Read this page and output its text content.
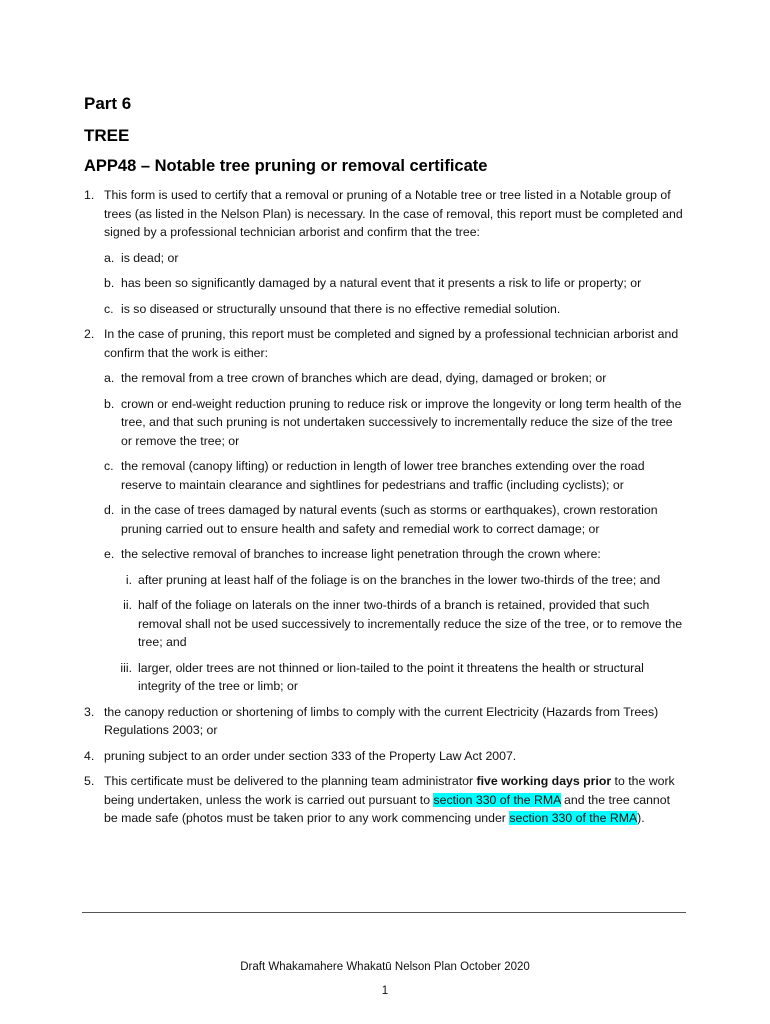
Part 6
TREE
APP48 – Notable tree pruning or removal certificate
1. This form is used to certify that a removal or pruning of a Notable tree or tree listed in a Notable group of trees (as listed in the Nelson Plan) is necessary. In the case of removal, this report must be completed and signed by a professional technician arborist and confirm that the tree:
a. is dead; or
b. has been so significantly damaged by a natural event that it presents a risk to life or property; or
c. is so diseased or structurally unsound that there is no effective remedial solution.
2. In the case of pruning, this report must be completed and signed by a professional technician arborist and confirm that the work is either:
a. the removal from a tree crown of branches which are dead, dying, damaged or broken; or
b. crown or end-weight reduction pruning to reduce risk or improve the longevity or long term health of the tree, and that such pruning is not undertaken successively to incrementally reduce the size of the tree or remove the tree; or
c. the removal (canopy lifting) or reduction in length of lower tree branches extending over the road reserve to maintain clearance and sightlines for pedestrians and traffic (including cyclists); or
d. in the case of trees damaged by natural events (such as storms or earthquakes), crown restoration pruning carried out to ensure health and safety and remedial work to correct damage; or
e. the selective removal of branches to increase light penetration through the crown where:
i. after pruning at least half of the foliage is on the branches in the lower two-thirds of the tree; and
ii. half of the foliage on laterals on the inner two-thirds of a branch is retained, provided that such removal shall not be used successively to incrementally reduce the size of the tree, or to remove the tree; and
iii. larger, older trees are not thinned or lion-tailed to the point it threatens the health or structural integrity of the tree or limb; or
3. the canopy reduction or shortening of limbs to comply with the current Electricity (Hazards from Trees) Regulations 2003; or
4. pruning subject to an order under section 333 of the Property Law Act 2007.
5. This certificate must be delivered to the planning team administrator five working days prior to the work being undertaken, unless the work is carried out pursuant to section 330 of the RMA and the tree cannot be made safe (photos must be taken prior to any work commencing under section 330 of the RMA).
Draft Whakamahere Whakatū Nelson Plan October 2020
1
